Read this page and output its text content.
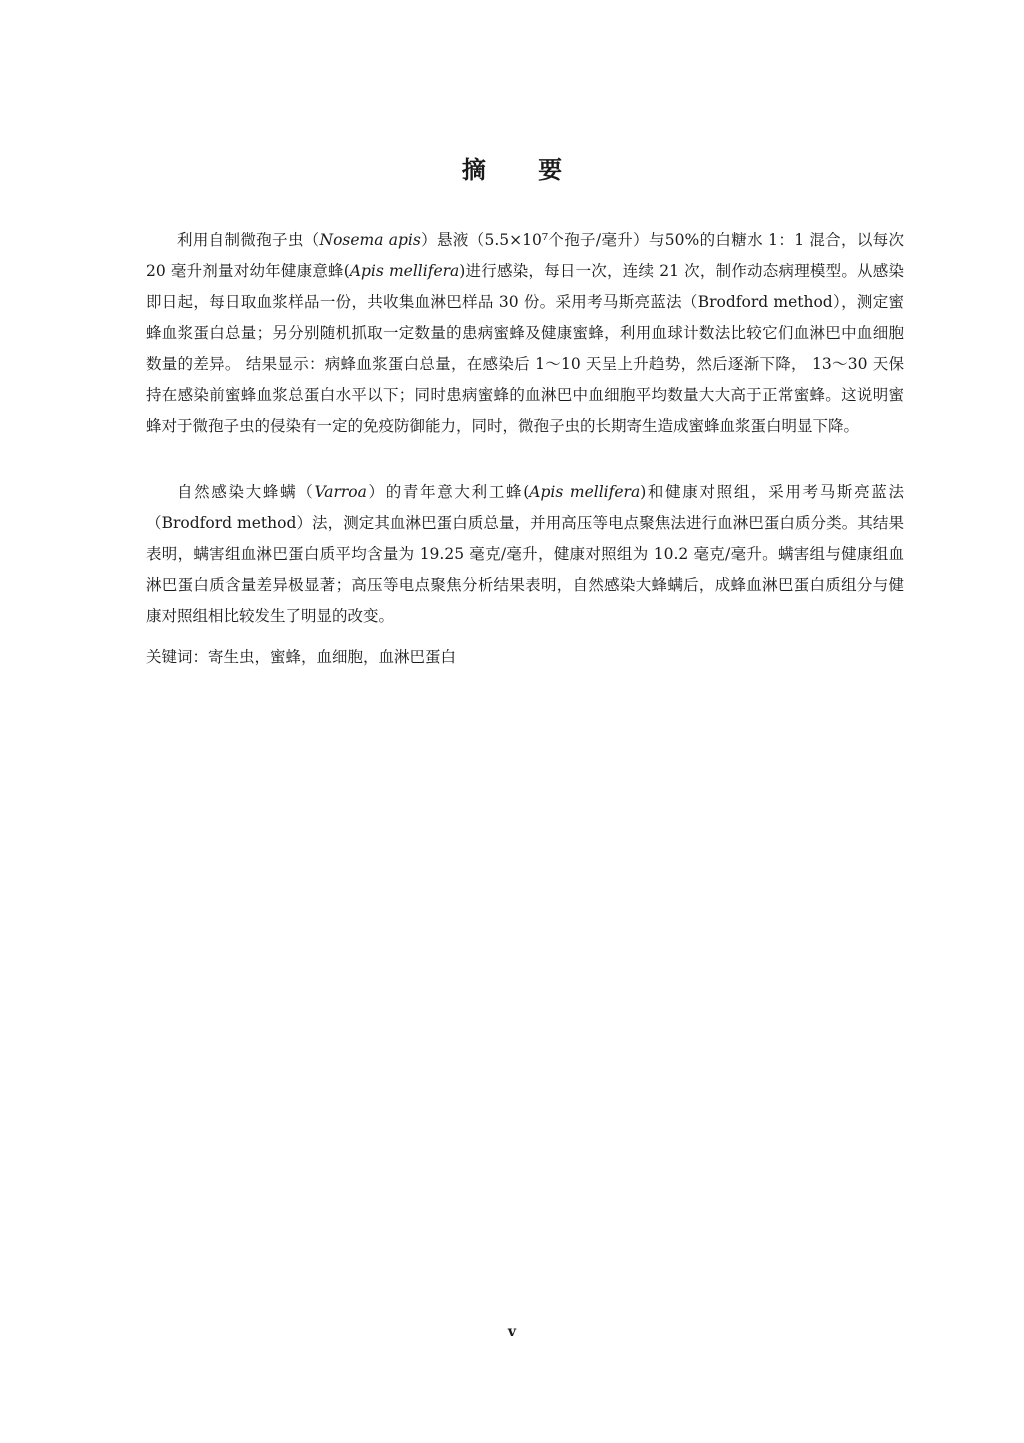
摘 要

利用自制微孢子虫（Nosema apis）悬液（5.5×10⁷个孢子/毫升）与50%的白糖水 1：1 混合，以每次 20 毫升剂量对幼年健康意蜂(Apis mellifera)进行感染，每日一次，连续 21 次，制作动态病理模型。从感染即日起，每日取血浆样品一份，共收集血淋巴样品 30 份。采用考马斯亮蓝法（Brodford method），测定蜜蜂血浆蛋白总量；另分别随机抓取一定数量的患病蜜蜂及健康蜜蜂，利用血球计数法比较它们血淋巴中血细胞数量的差异。 结果显示：病蜂血浆蛋白总量，在感染后 1～10 天呈上升趋势，然后逐渐下降， 13～30 天保持在感染前蜜蜂血浆总蛋白水平以下；同时患病蜜蜂的血淋巴中血细胞平均数量大大高于正常蜜蜂。这说明蜜蜂对于微孢子虫的侵染有一定的免疫防御能力，同时，微孢子虫的长期寄生造成蜜蜂血浆蛋白明显下降。

自然感染大蜂螨（Varroa）的青年意大利工蜂(Apis mellifera)和健康对照组，采用考马斯亮蓝法（Brodford method）法，测定其血淋巴蛋白质总量，并用高压等电点聚焦法进行血淋巴蛋白质分类。其结果表明，螨害组血淋巴蛋白质平均含量为 19.25 毫克/毫升，健康对照组为 10.2 毫克/毫升。螨害组与健康组血淋巴蛋白质含量差异极显著；高压等电点聚焦分析结果表明，自然感染大蜂螨后，成蜂血淋巴蛋白质组分与健康对照组相比较发生了明显的改变。

关键词：寄生虫，蜜蜂，血细胞，血淋巴蛋白

v
